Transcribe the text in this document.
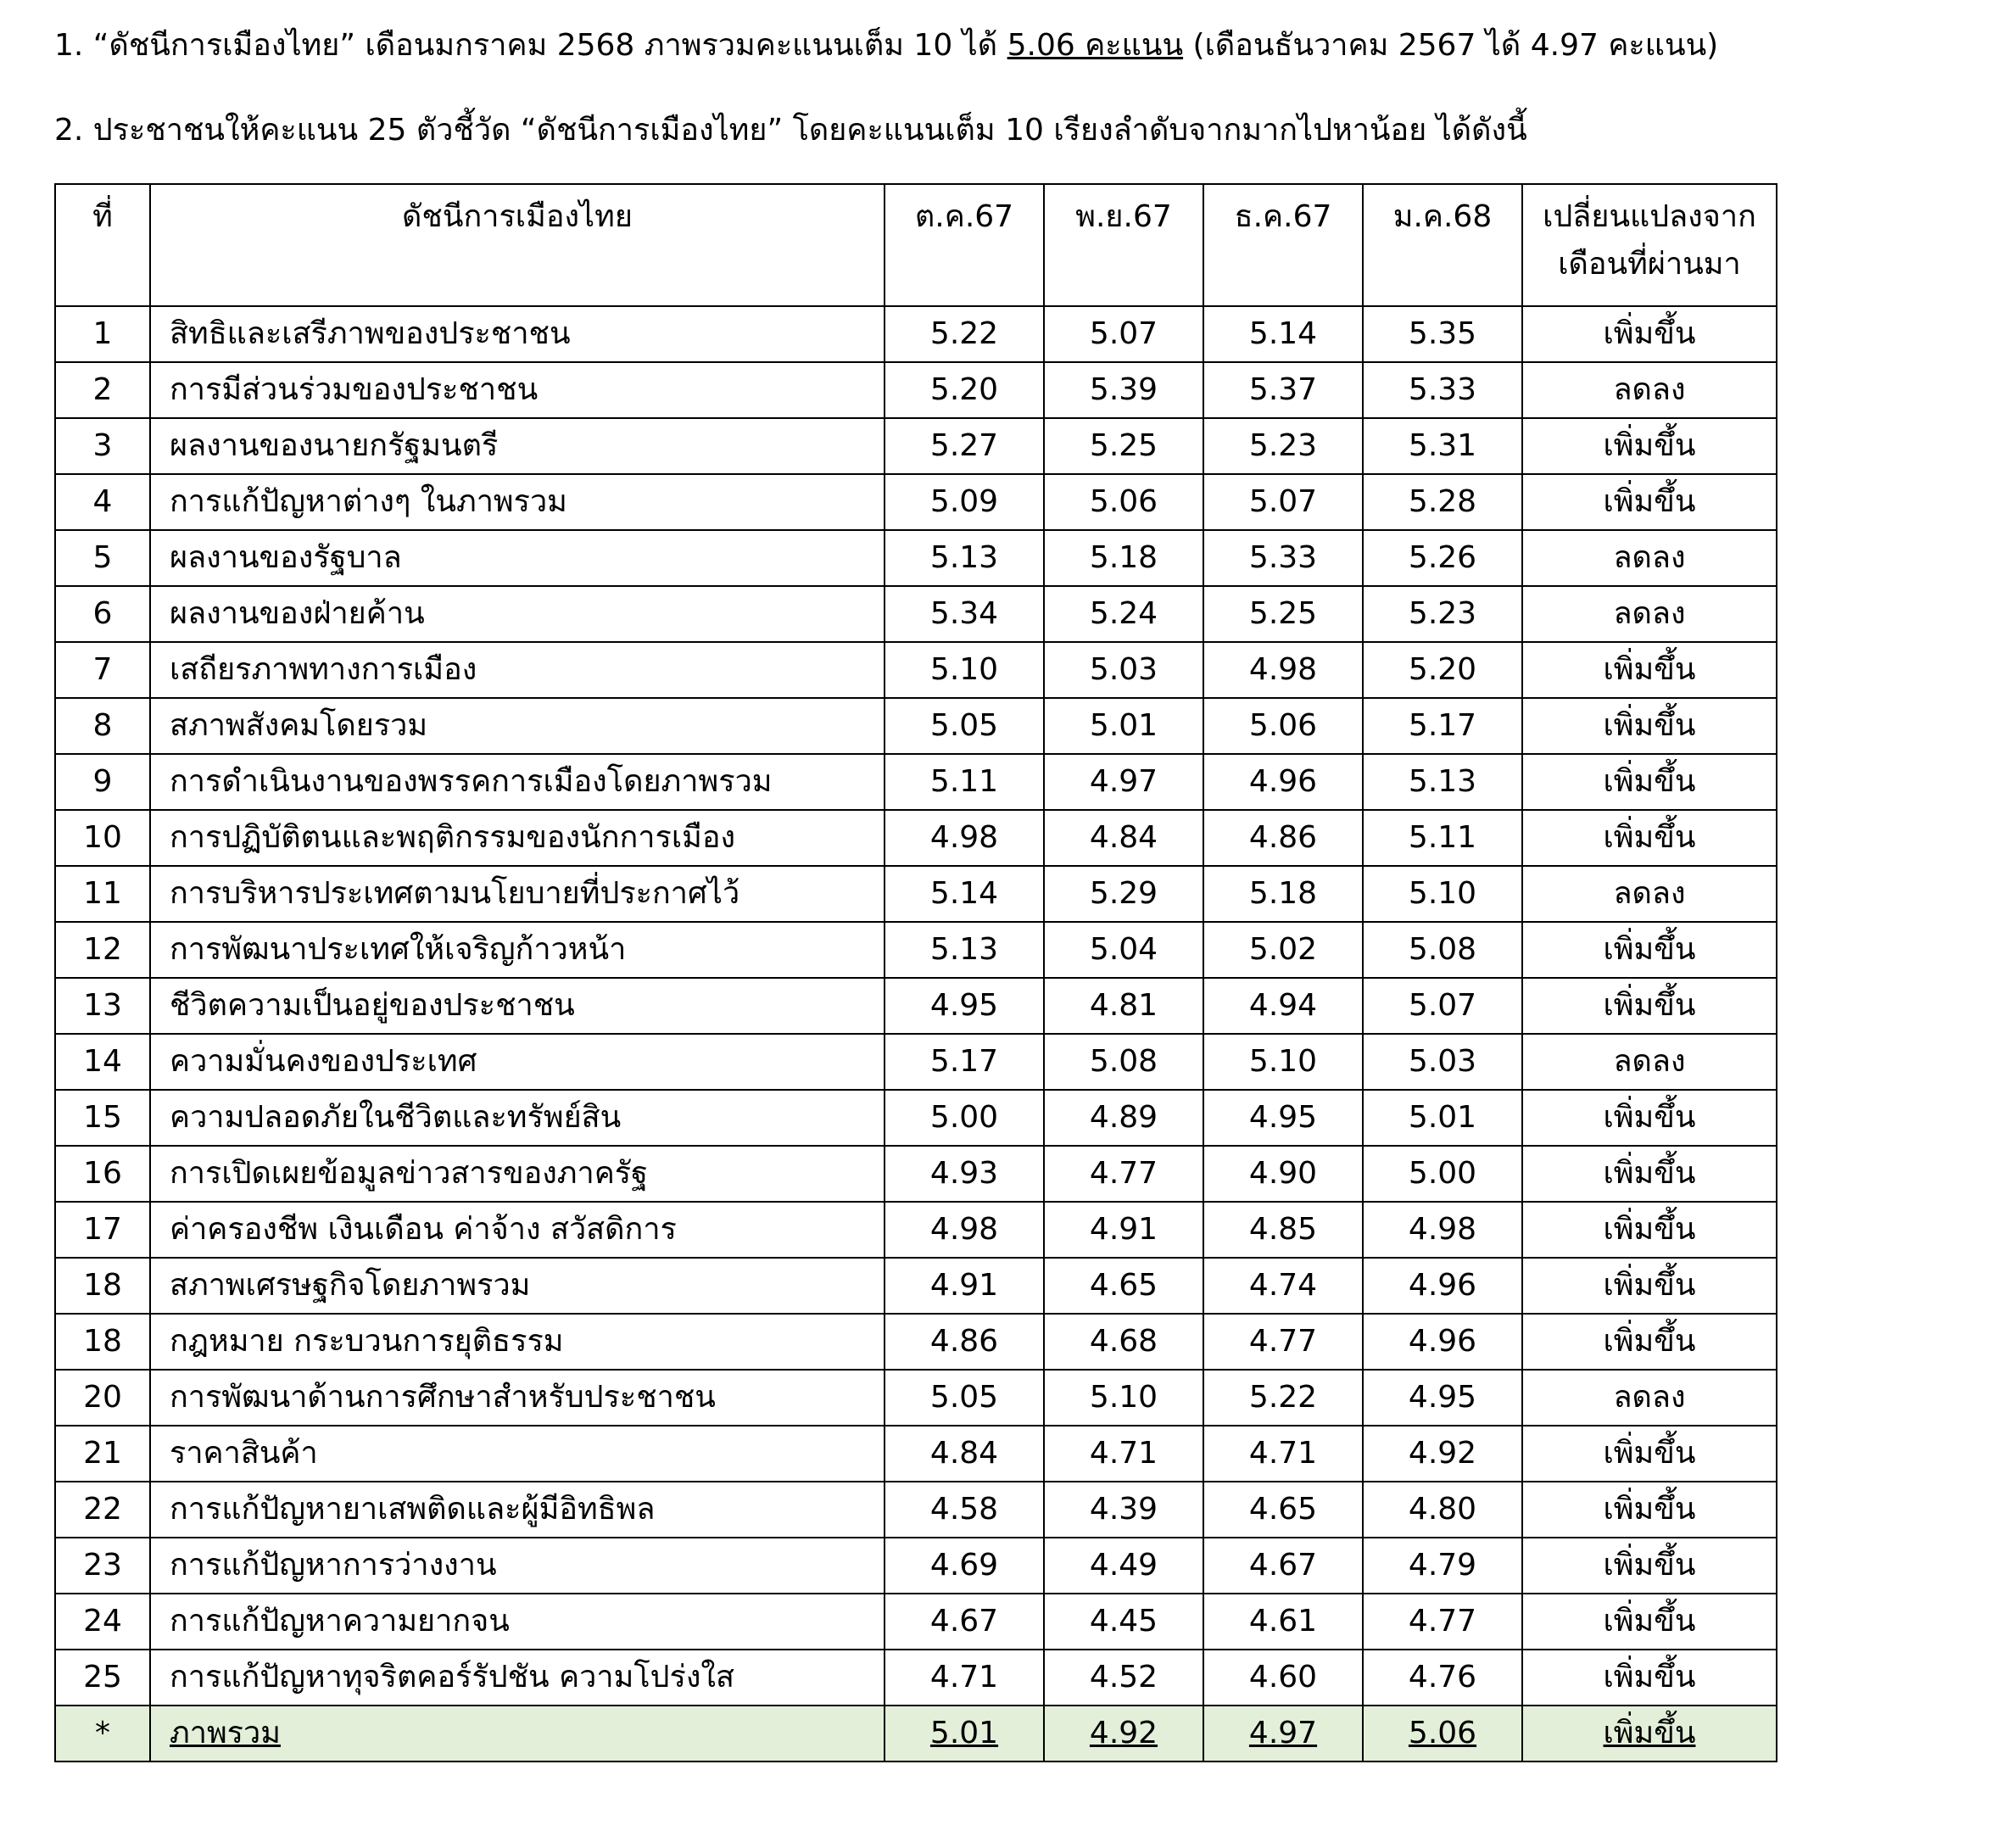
1. “ดัชนีการเมืองไทย” เดือนมกราคม 2568 ภาพรวมคะแนนเต็ม 10 ได้ 5.06 คะแนน (เดือนธันวาคม 2567 ได้ 4.97 คะแนน)
2. ประชาชนให้คะแนน 25 ตัวชี้วัด “ดัชนีการเมืองไทย” โดยคะแนนเต็ม 10 เรียงลำดับจากมากไปหาน้อย ได้ดังนี้
ที่	ดัชนีการเมืองไทย	ต.ค.67	พ.ย.67	ธ.ค.67	ม.ค.68	เปลี่ยนแปลงจากเดือนที่ผ่านมา
1	สิทธิและเสรีภาพของประชาชน	5.22	5.07	5.14	5.35	เพิ่มขึ้น
2	การมีส่วนร่วมของประชาชน	5.20	5.39	5.37	5.33	ลดลง
3	ผลงานของนายกรัฐมนตรี	5.27	5.25	5.23	5.31	เพิ่มขึ้น
4	การแก้ปัญหาต่างๆ ในภาพรวม	5.09	5.06	5.07	5.28	เพิ่มขึ้น
5	ผลงานของรัฐบาล	5.13	5.18	5.33	5.26	ลดลง
6	ผลงานของฝ่ายค้าน	5.34	5.24	5.25	5.23	ลดลง
7	เสถียรภาพทางการเมือง	5.10	5.03	4.98	5.20	เพิ่มขึ้น
8	สภาพสังคมโดยรวม	5.05	5.01	5.06	5.17	เพิ่มขึ้น
9	การดำเนินงานของพรรคการเมืองโดยภาพรวม	5.11	4.97	4.96	5.13	เพิ่มขึ้น
10	การปฏิบัติตนและพฤติกรรมของนักการเมือง	4.98	4.84	4.86	5.11	เพิ่มขึ้น
11	การบริหารประเทศตามนโยบายที่ประกาศไว้	5.14	5.29	5.18	5.10	ลดลง
12	การพัฒนาประเทศให้เจริญก้าวหน้า	5.13	5.04	5.02	5.08	เพิ่มขึ้น
13	ชีวิตความเป็นอยู่ของประชาชน	4.95	4.81	4.94	5.07	เพิ่มขึ้น
14	ความมั่นคงของประเทศ	5.17	5.08	5.10	5.03	ลดลง
15	ความปลอดภัยในชีวิตและทรัพย์สิน	5.00	4.89	4.95	5.01	เพิ่มขึ้น
16	การเปิดเผยข้อมูลข่าวสารของภาครัฐ	4.93	4.77	4.90	5.00	เพิ่มขึ้น
17	ค่าครองชีพ เงินเดือน ค่าจ้าง สวัสดิการ	4.98	4.91	4.85	4.98	เพิ่มขึ้น
18	สภาพเศรษฐกิจโดยภาพรวม	4.91	4.65	4.74	4.96	เพิ่มขึ้น
18	กฎหมาย กระบวนการยุติธรรม	4.86	4.68	4.77	4.96	เพิ่มขึ้น
20	การพัฒนาด้านการศึกษาสำหรับประชาชน	5.05	5.10	5.22	4.95	ลดลง
21	ราคาสินค้า	4.84	4.71	4.71	4.92	เพิ่มขึ้น
22	การแก้ปัญหายาเสพติดและผู้มีอิทธิพล	4.58	4.39	4.65	4.80	เพิ่มขึ้น
23	การแก้ปัญหาการว่างงาน	4.69	4.49	4.67	4.79	เพิ่มขึ้น
24	การแก้ปัญหาความยากจน	4.67	4.45	4.61	4.77	เพิ่มขึ้น
25	การแก้ปัญหาทุจริตคอร์รัปชัน ความโปร่งใส	4.71	4.52	4.60	4.76	เพิ่มขึ้น
*	ภาพรวม	5.01	4.92	4.97	5.06	เพิ่มขึ้น
